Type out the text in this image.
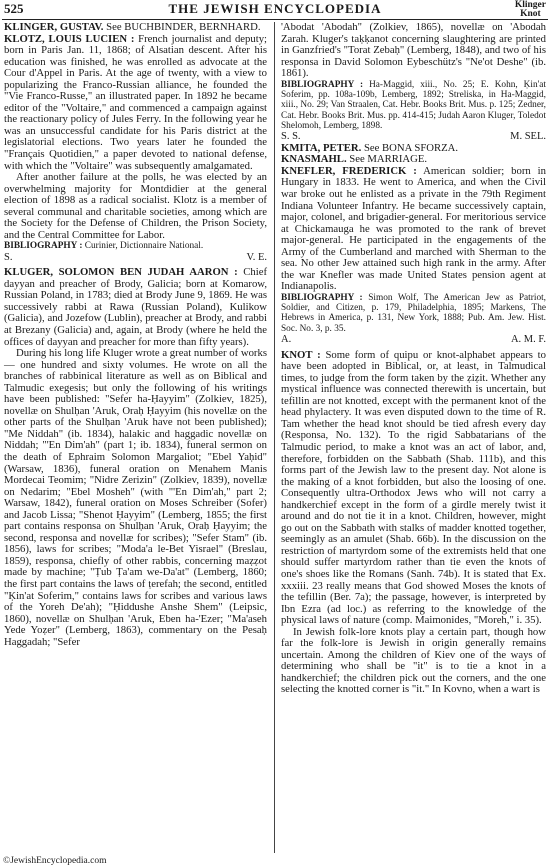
525	THE JEWISH ENCYCLOPEDIA	Klinger
Knot

KLINGER, GUSTAV. See BUCHBINDER, BERNHARD.

KLOTZ, LOUIS LUCIEN : French journalist and deputy; born in Paris Jan. 11, 1868; of Alsatian descent. After his education was finished, he was enrolled as advocate at the Cour d'Appel in Paris. At the age of twenty, with a view to popularizing the Franco-Russian alliance, he founded the "Vie Franco-Russe," an illustrated paper. In 1892 he became editor of the "Voltaire," and commenced a campaign against the reactionary policy of Jules Ferry. In the following year he was an unsuccessful candidate for his Paris district at the legislatorial elections. Two years later he founded the "Français Quotidien," a paper devoted to national defense, with which the "Voltaire" was subsequently amalgamated.

After another failure at the polls, he was elected by an overwhelming majority for Montdidier at the general election of 1898 as a radical socialist. Klotz is a member of several communal and charitable societies, among which are the Society for the Defense of Children, the Prison Society, and the Central Committee for Labor.

BIBLIOGRAPHY : Curinier, Dictionnaire National.

S.	V. E.

KLUGER, SOLOMON BEN JUDAH AARON : Chief dayyan and preacher of Brody, Galicia; born at Komarow, Russian Poland, in 1783; died at Brody June 9, 1869. He was successively rabbi at Rawa (Russian Poland), Kulikow (Galicia), and Jozefow (Lublin), preacher at Brody, and rabbi at Brezany (Galicia) and, again, at Brody (where he held the offices of dayyan and preacher for more than fifty years).

During his long life Kluger wrote a great number of works — one hundred and sixty volumes. He wrote on all the branches of rabbinical literature as well as on Biblical and Talmudic exegesis; but only the following of his writings have been published: "Sefer ha-Ḥayyim" (Zolkiev, 1825), novellæ on Shulḥan 'Aruk, Oraḥ Ḥayyim (his novellæ on the other parts of the Shulḥan 'Aruk have not been published); "Me Niddah" (ib. 1834), halakic and haggadic novellæ on Niddah; "'En Dim'ah" (part 1; ib. 1834), funeral sermon on the death of Ephraim Solomon Margaliot; "Ebel Yaḥid" (Warsaw, 1836), funeral oration on Menahem Manis Mordecai Teomim; "Nidre Zerizin" (Zolkiev, 1839), novellæ on Nedarim; "Ebel Mosheh" (with "'En Dim'ah," part 2; Warsaw, 1842), funeral oration on Moses Schreiber (Sofer) and Jacob Lissa; "Shenot Ḥayyim" (Lemberg, 1855; the first part contains responsa on Shulḥan 'Aruk, Oraḥ Ḥayyim; the second, responsa and novellæ for scribes); "Sefer Stam" (ib. 1856), laws for scribes; "Moda'a le-Bet Yisrael" (Breslau, 1859), responsa, chiefly of other rabbis, concerning maẓẓot made by machine; "Ṭub Ṭa'am we-Da'at" (Lemberg, 1860; the first part contains the laws of ṭerefah; the second, entitled "Ḳin'at Soferim," contains laws for scribes and various laws of the Yoreh De'ah); "Ḥiddushe Anshe Shem" (Leipsic, 1860), novellæ on Shulḥan 'Aruk, Eben ha-'Ezer; "Ma'aseh Yede Yoẓer" (Lemberg, 1863), commentary on the Pesaḥ Haggadah; "Sefer

'Abodat 'Abodah" (Zolkiev, 1865), novellæ on 'Abodah Zarah. Kluger's taḳḳanot concerning slaughtering are printed in Ganzfried's "Torat Zebaḥ" (Lemberg, 1848), and two of his responsa in David Solomon Eybeschütz's "Ne'ot Deshe" (ib. 1861).

BIBLIOGRAPHY : Ha-Maggid, xiii., No. 25; E. Kohn, Ḳin'at Soferim, pp. 108a-109b, Lemberg, 1892; Streliska, in Ha-Maggid, xiii., No. 29; Van Straalen, Cat. Hebr. Books Brit. Mus. p. 125; Zedner, Cat. Hebr. Books Brit. Mus. pp. 414-415; Judah Aaron Kluger, Toledot Shelomoh, Lemberg, 1898.

S. S.	M. SEL.

KMITA, PETER. See BONA SFORZA.

KNASMAHL. See MARRIAGE.

KNEFLER, FREDERICK : American soldier; born in Hungary in 1833. He went to America, and when the Civil war broke out he enlisted as a private in the 79th Regiment Indiana Volunteer Infantry. He became successively captain, major, colonel, and brigadier-general. For meritorious service at Chickamauga he was promoted to the rank of brevet major-general. He participated in the engagements of the Army of the Cumberland and marched with Sherman to the sea. No other Jew attained such high rank in the army. After the war Knefler was made United States pension agent at Indianapolis.

BIBLIOGRAPHY : Simon Wolf, The American Jew as Patriot, Soldier, and Citizen, p. 179, Philadelphia, 1895; Markens, The Hebrews in America, p. 131, New York, 1888; Pub. Am. Jew. Hist. Soc. No. 3, p. 35.

A.	A. M. F.

KNOT : Some form of quipu or knot-alphabet appears to have been adopted in Biblical, or, at least, in Talmudical times, to judge from the form taken by the ẓiẓit. Whether any mystical influence was connected therewith is uncertain, but tefillin are not knotted, except with the permanent knot of the head phylactery. It was even disputed down to the time of R. Tam whether the head knot should be tied afresh every day (Responsa, No. 132). To the rigid Sabbatarians of the Talmudic period, to make a knot was an act of labor, and, therefore, forbidden on the Sabbath (Shab. 111b), and this forms part of the Jewish law to the present day. Not alone is the making of a knot forbidden, but also the loosing of one. Consequently ultra-Orthodox Jews who will not carry a handkerchief except in the form of a girdle merely twist it around and do not tie it in a knot. Children, however, might go out on the Sabbath with stalks of madder knotted together, seemingly as an amulet (Shab. 66b). In the discussion on the restriction of martyrdom some of the extremists held that one should suffer martyrdom rather than tie even the knots of one's shoes like the Romans (Sanh. 74b). It is stated that Ex. xxxiii. 23 really means that God showed Moses the knots of the tefillin (Ber. 7a); the passage, however, is interpreted by Ibn Ezra (ad loc.) as referring to the knowledge of the physical laws of nature (comp. Maimonides, "Moreh," i. 35).

In Jewish folk-lore knots play a certain part, though how far the folk-lore is Jewish in origin generally remains uncertain. Among the children of Kiev one of the ways of determining who shall be "it" is to tie a knot in a handkerchief; the children pick out the corners, and the one selecting the knotted corner is "it." In Kovno, when a wart is

©JewishEncyclopedia.com
